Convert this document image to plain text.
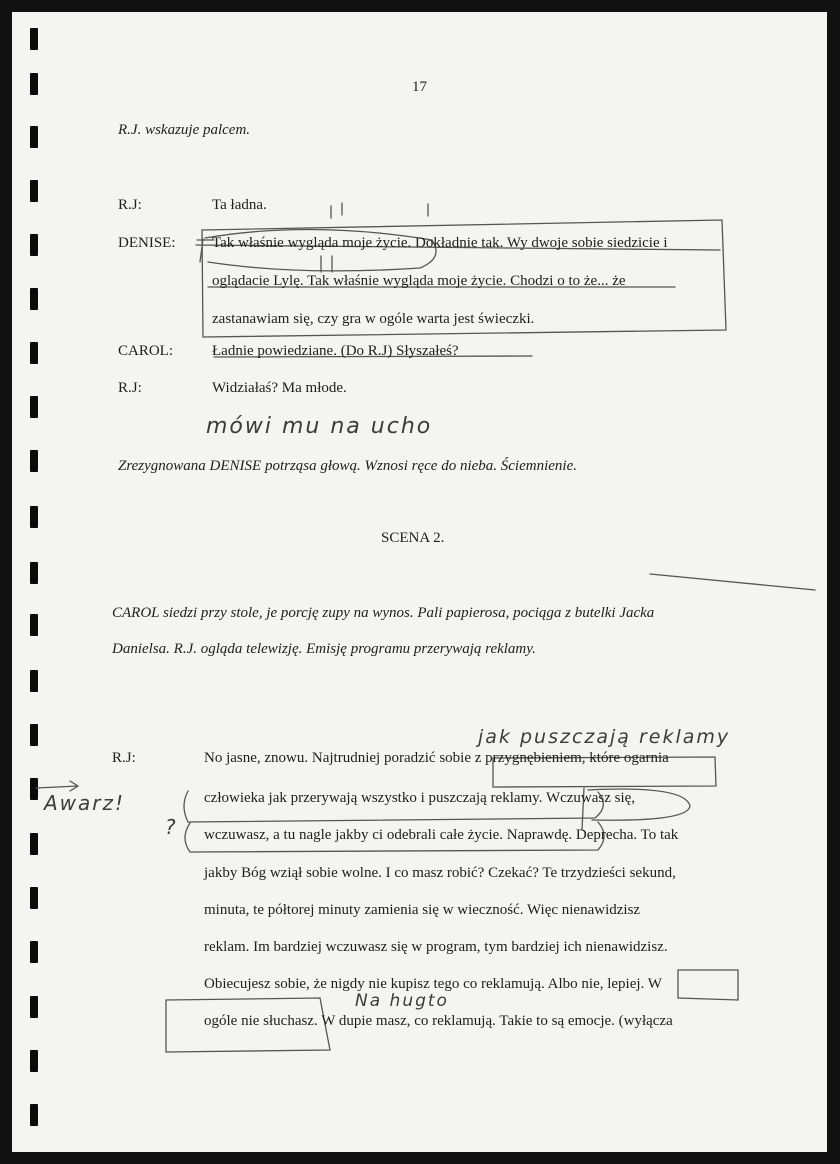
17
R.J. wskazuje palcem.
R.J:	Ta ładna.
DENISE: Tak właśnie wygląda moje życie. Dokładnie tak. Wy dwoje sobie siedzicie i
oglądacie Lylę. Tak właśnie wygląda moje życie. Chodzi o to że... że
zastanawiam się, czy gra w ogóle warta jest świeczki.
CAROL:	Ładnie powiedziane. (Do R.J) Słyszałeś?
R.J:	Widziałaś? Ma młode.
mówi mu na ucho
Zrezygnowana DENISE potrząsa głową. Wznosi ręce do nieba. Ściemnienie.
SCENA 2.
CAROL siedzi przy stole, je porcję zupy na wynos. Pali papierosa, pociąga z butelki Jacka
Danielsa. R.J. ogląda telewizję. Emisję programu przerywają reklamy.
jak puszczają reklamy
R.J:
Awarz!
?
No jasne, znowu. Najtrudniej poradzić sobie z przygnębieniem, które ogarnia
człowieka jak przerywają wszystko i puszczają reklamy. Wczuwasz się,
wczuwasz, a tu nagle jakby ci odebrali całe życie. Naprawdę. Deprecha. To tak
jakby Bóg wziął sobie wolne. I co masz robić? Czekać? Te trzydzieści sekund,
minuta, te półtorej minuty zamienia się w wieczność. Więc nienawidzisz
reklam. Im bardziej wczuwasz się w program, tym bardziej ich nienawidzisz.
Obiecujesz sobie, że nigdy nie kupisz tego co reklamują. Albo nie, lepiej. W
Na hugto
ogóle nie słuchasz. W dupie masz, co reklamują. Takie to są emocje. (wyłącza
